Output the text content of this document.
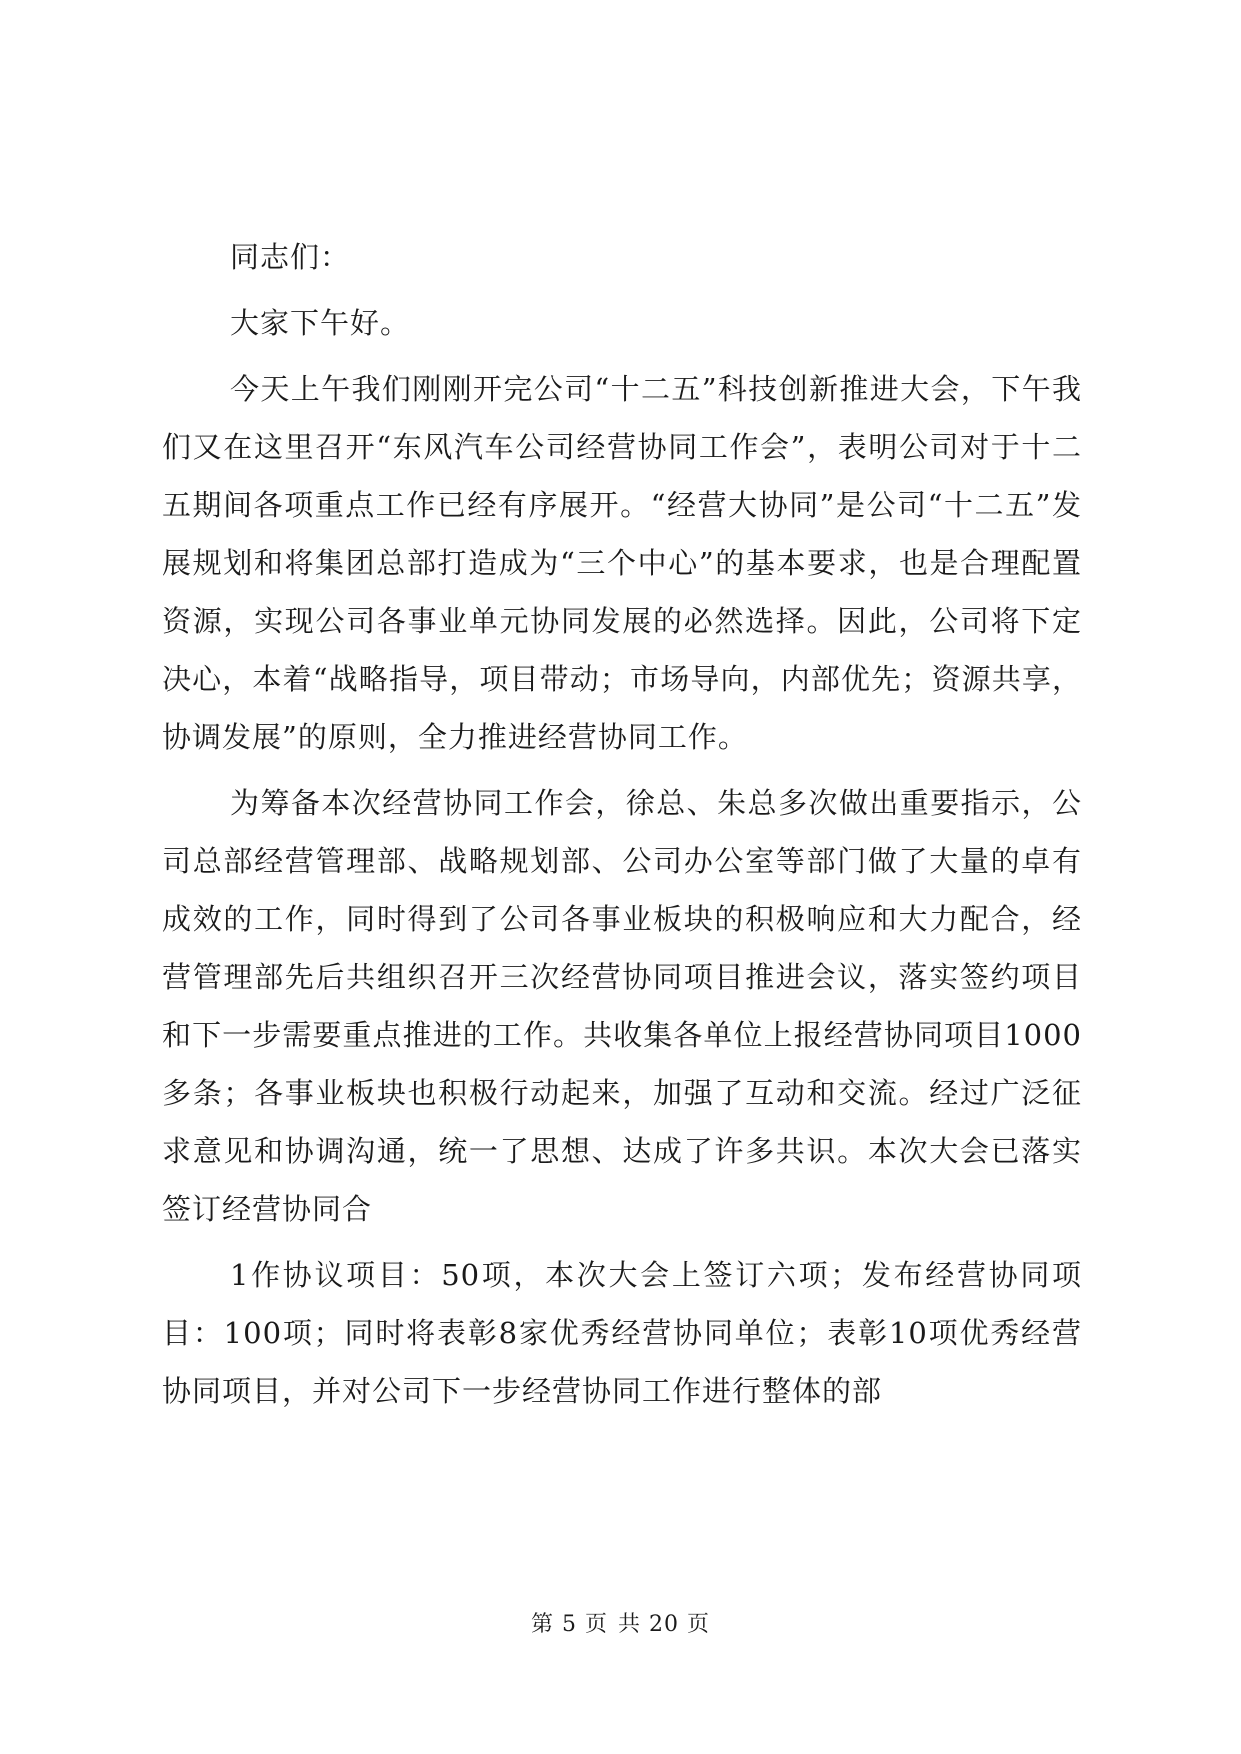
同志们：

大家下午好。

今天上午我们刚刚开完公司“十二五”科技创新推进大会，下午我们又在这里召开“东风汽车公司经营协同工作会”，表明公司对于十二五期间各项重点工作已经有序展开。“经营大协同”是公司“十二五”发展规划和将集团总部打造成为“三个中心”的基本要求，也是合理配置资源，实现公司各事业单元协同发展的必然选择。因此，公司将下定决心，本着“战略指导，项目带动；市场导向，内部优先；资源共享，协调发展”的原则，全力推进经营协同工作。

为筹备本次经营协同工作会，徐总、朱总多次做出重要指示，公司总部经营管理部、战略规划部、公司办公室等部门做了大量的卓有成效的工作，同时得到了公司各事业板块的积极响应和大力配合，经营管理部先后共组织召开三次经营协同项目推进会议，落实签约项目和下一步需要重点推进的工作。共收集各单位上报经营协同项目1000多条；各事业板块也积极行动起来，加强了互动和交流。经过广泛征求意见和协调沟通，统一了思想、达成了许多共识。本次大会已落实签订经营协同合

1作协议项目：50项，本次大会上签订六项；发布经营协同项目：100项；同时将表彰8家优秀经营协同单位；表彰10项优秀经营协同项目，并对公司下一步经营协同工作进行整体的部

第 5 页 共 20 页
